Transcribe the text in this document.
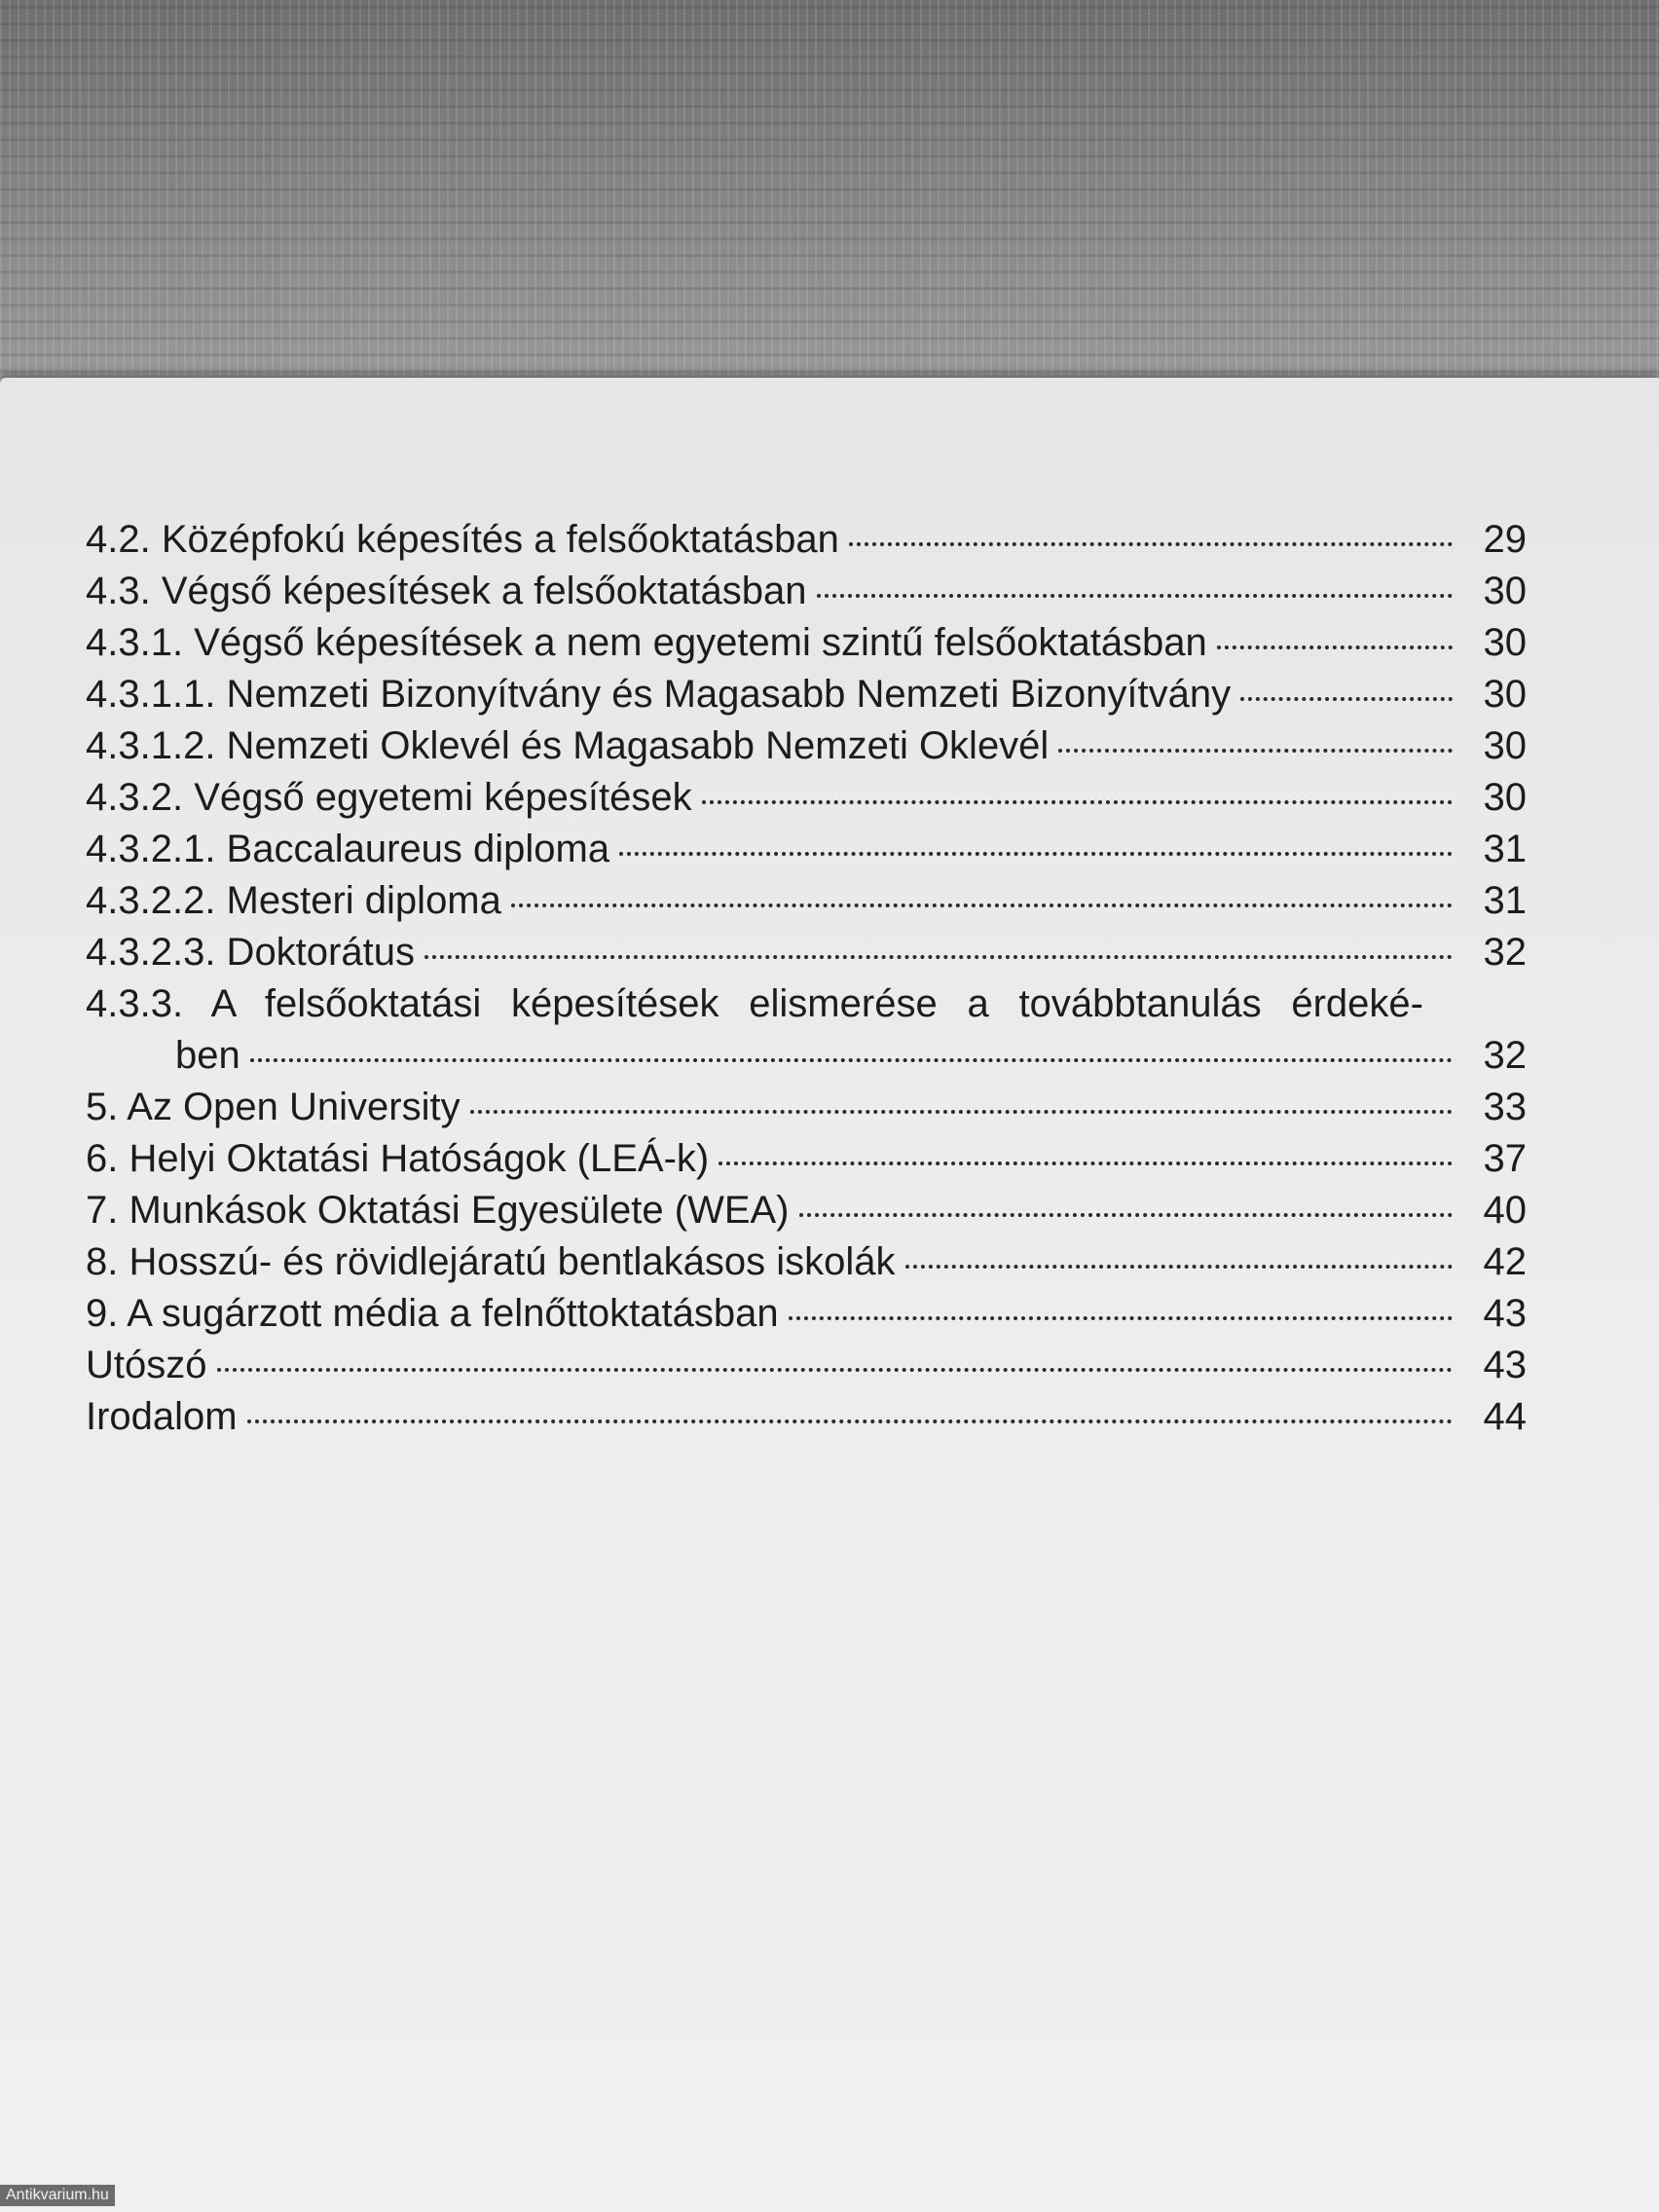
4.2. Középfokú képesítés a felsőoktatásban	29
4.3. Végső képesítések a felsőoktatásban	30
4.3.1. Végső képesítések a nem egyetemi szintű felsőoktatásban	30
4.3.1.1. Nemzeti Bizonyítvány és Magasabb Nemzeti Bizonyítvány	30
4.3.1.2. Nemzeti Oklevél és Magasabb Nemzeti Oklevél	30
4.3.2. Végső egyetemi képesítések	30
4.3.2.1. Baccalaureus diploma	31
4.3.2.2. Mesteri diploma	31
4.3.2.3. Doktorátus	32
4.3.3. A felsőoktatási képesítések elismerése a továbbtanulás érdeké-
ben	32
5. Az Open University	33
6. Helyi Oktatási Hatóságok (LEÁ-k)	37
7. Munkások Oktatási Egyesülete (WEA)	40
8. Hosszú- és rövidlejáratú bentlakásos iskolák	42
9. A sugárzott média a felnőttoktatásban	43
Utószó	43
Irodalom	44
Antikvarium.hu
